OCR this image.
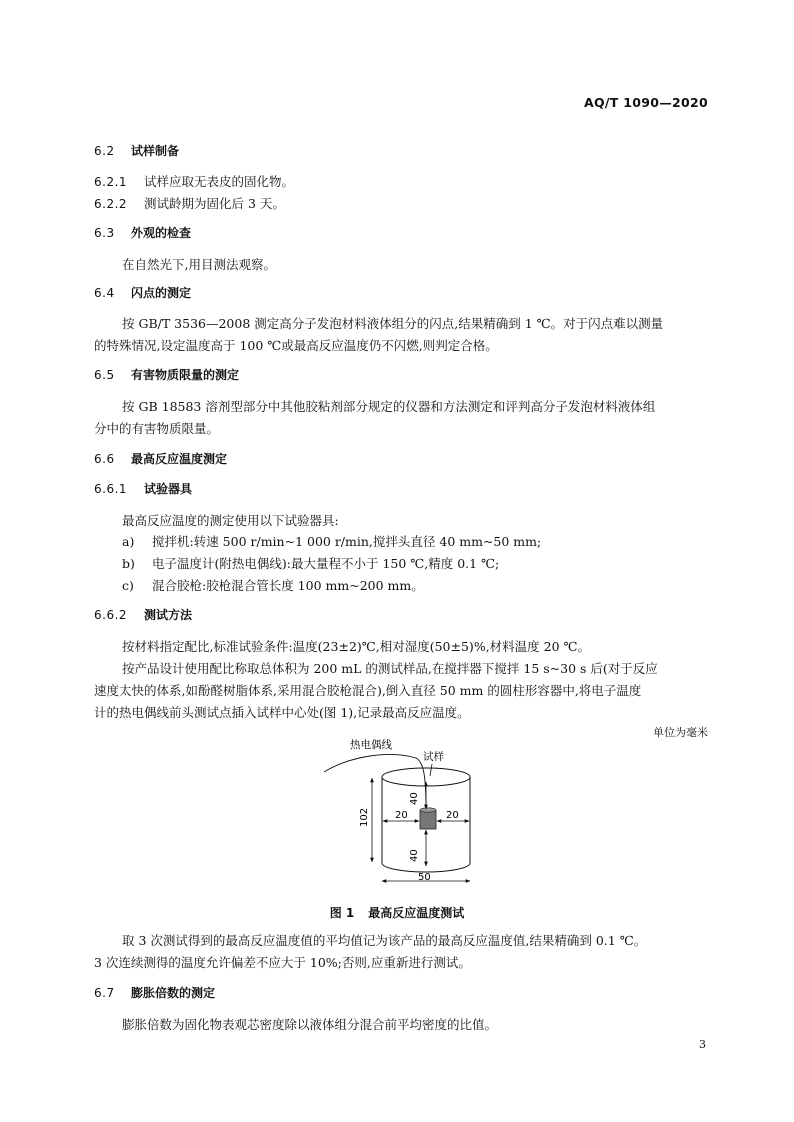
AQ/T 1090—2020
6.2 试样制备
6.2.1 试样应取无表皮的固化物。
6.2.2 测试龄期为固化后 3 天。
6.3 外观的检查
在自然光下,用目测法观察。
6.4 闪点的测定
按 GB/T 3536—2008 测定高分子发泡材料液体组分的闪点,结果精确到 1 ℃。对于闪点难以测量
的特殊情况,设定温度高于 100 ℃或最高反应温度仍不闪燃,则判定合格。
6.5 有害物质限量的测定
按 GB 18583 溶剂型部分中其他胶粘剂部分规定的仪器和方法测定和评判高分子发泡材料液体组
分中的有害物质限量。
6.6 最高反应温度测定
6.6.1 试验器具
最高反应温度的测定使用以下试验器具:
a) 搅拌机:转速 500 r/min~1 000 r/min,搅拌头直径 40 mm~50 mm;
b) 电子温度计(附热电偶线):最大量程不小于 150 ℃,精度 0.1 ℃;
c) 混合胶枪:胶枪混合管长度 100 mm~200 mm。
6.6.2 测试方法
按材料指定配比,标准试验条件:温度(23±2)℃,相对湿度(50±5)%,材料温度 20 ℃。
按产品设计使用配比称取总体积为 200 mL 的测试样品,在搅拌器下搅拌 15 s~30 s 后(对于反应
速度太快的体系,如酚醛树脂体系,采用混合胶枪混合),倒入直径 50 mm 的圆柱形容器中,将电子温度
计的热电偶线前头测试点插入试样中心处(图 1),记录最高反应温度。
单位为毫米
热电偶线
试样
20	20
40
40
102
50
图 1 最高反应温度测试
取 3 次测试得到的最高反应温度值的平均值记为该产品的最高反应温度值,结果精确到 0.1 ℃。
3 次连续测得的温度允许偏差不应大于 10%;否则,应重新进行测试。
6.7 膨胀倍数的测定
膨胀倍数为固化物表观芯密度除以液体组分混合前平均密度的比值。
3
